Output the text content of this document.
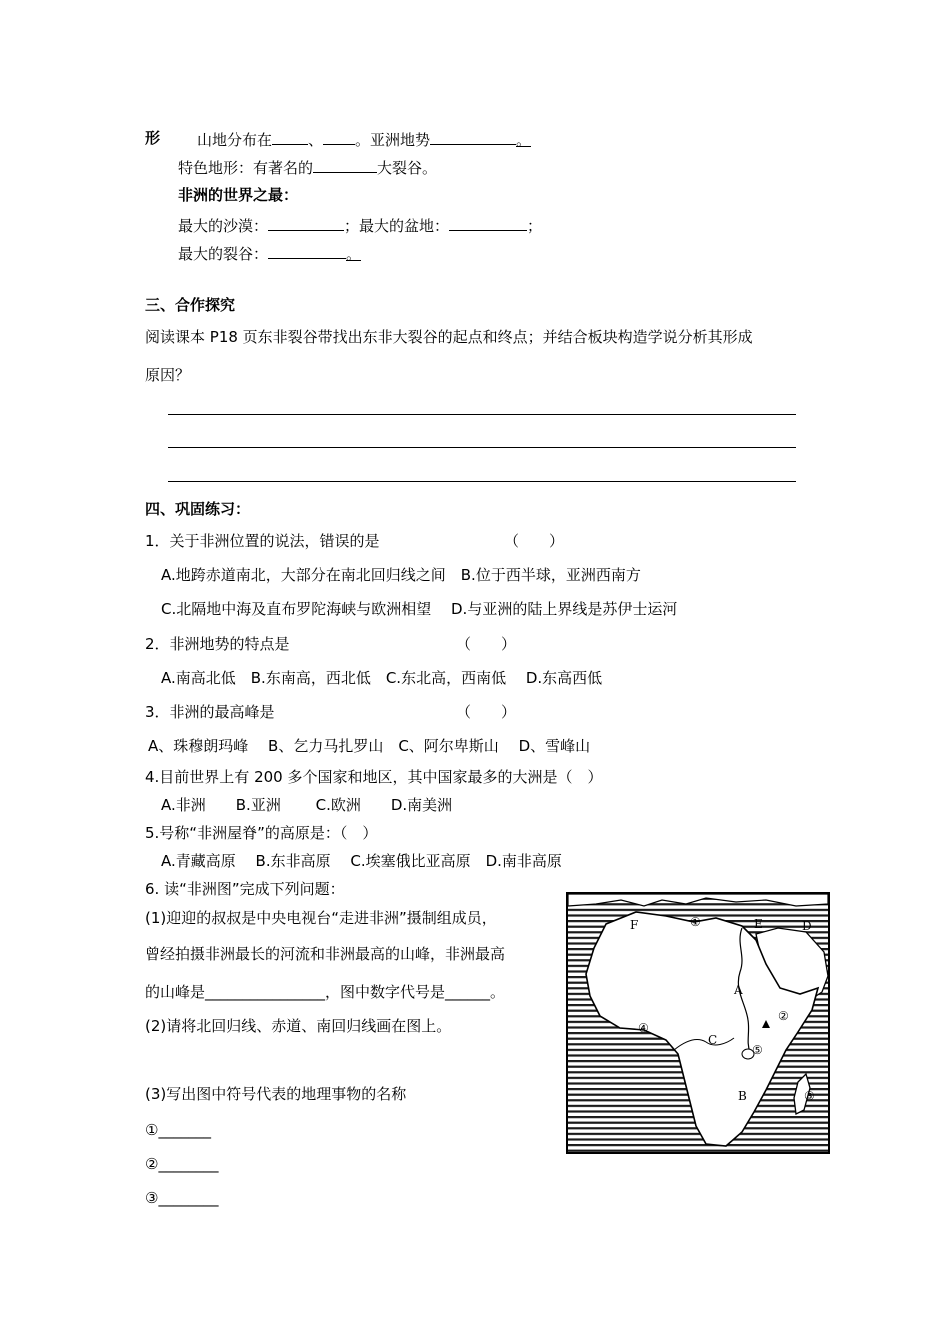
形 山地分布在 、 。亚洲地势	。
特色地形：有著名的	大裂谷。
非洲的世界之最：
最大的沙漠：	；最大的盆地：	；
最大的裂谷：	。
三、合作探究
阅读课本 P18 页东非裂谷带找出东非大裂谷的起点和终点；并结合板块构造学说分析其形成
原因？
四、巩固练习：
1．关于非洲位置的说法，错误的是	（　　）
A.地跨赤道南北，大部分在南北回归线之间　B.位于西半球，亚洲西南方
C.北隔地中海及直布罗陀海峡与欧洲相望　 D.与亚洲的陆上界线是苏伊士运河
2．非洲地势的特点是	（　　）
A.南高北低　B.东南高，西北低　C.东北高，西南低　 D.东高西低
3．非洲的最高峰是	（　　）
A、珠穆朗玛峰　 B、乞力马扎罗山　C、阿尔卑斯山　 D、雪峰山
4.目前世界上有 200 多个国家和地区，其中国家最多的大洲是（　）
A.非洲　　B.亚洲　　 C.欧洲　　D.南美洲
5.号称“非洲屋脊”的高原是：（　）
A.青藏高原　 B.东非高原　 C.埃塞俄比亚高原　D.南非高原
6. 读“非洲图”完成下列问题：
(1)迎迎的叔叔是中央电视台“走进非洲”摄制组成员，
曾经拍摄非洲最长的河流和非洲最高的山峰，非洲最高
的山峰是________________，图中数字代号是______。
(2)请将北回归线、赤道、南回归线画在图上。
(3)写出图中符号代表的地理事物的名称
①_______
②________
③________
F	E	D
A
C
B
①
②
③
④
⑤
